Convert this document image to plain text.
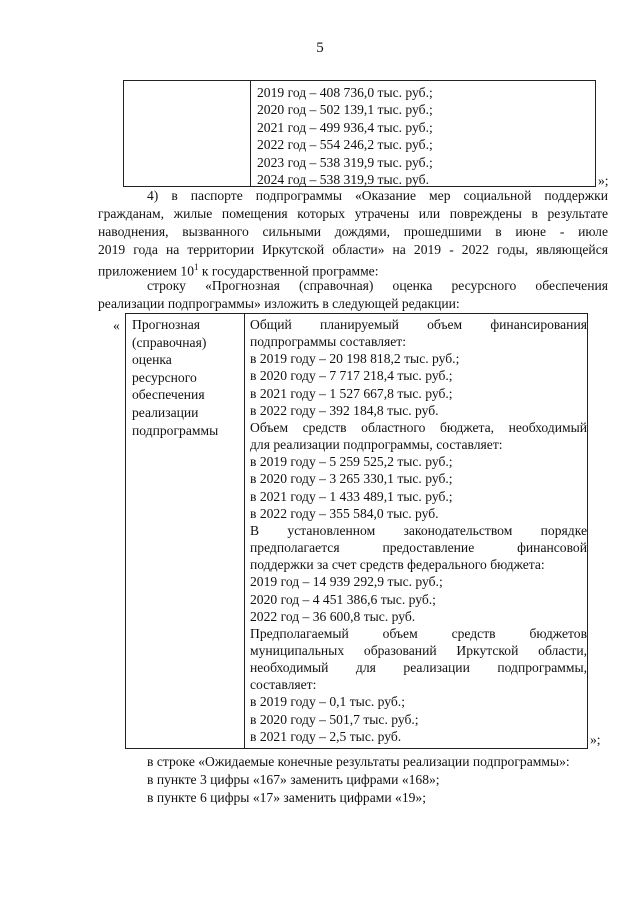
5
2019 год – 408 736,0 тыс. руб.;
2020 год – 502 139,1 тыс. руб.;
2021 год – 499 936,4 тыс. руб.;
2022 год – 554 246,2 тыс. руб.;
2023 год – 538 319,9 тыс. руб.;
2024 год – 538 319,9 тыс. руб.	»;
4) в паспорте подпрограммы «Оказание мер социальной поддержки
гражданам, жилые помещения которых утрачены или повреждены в результате
наводнения, вызванного сильными дождями, прошедшими в июне - июле
2019 года на территории Иркутской области» на 2019 - 2022 годы, являющейся
приложением $10^1$ к государственной программе:
строку «Прогнозная (справочная) оценка ресурсного обеспечения
реализации подпрограммы» изложить в следующей редакции:
« Прогнозная
(справочная)
оценка
ресурсного
обеспечения
реализации
подпрограммы
Общий планируемый объем финансирования
подпрограммы составляет:
в 2019 году – 20 198 818,2 тыс. руб.;
в 2020 году – 7 717 218,4 тыс. руб.;
в 2021 году – 1 527 667,8 тыс. руб.;
в 2022 году – 392 184,8 тыс. руб.
Объем средств областного бюджета, необходимый
для реализации подпрограммы, составляет:
в 2019 году – 5 259 525,2 тыс. руб.;
в 2020 году – 3 265 330,1 тыс. руб.;
в 2021 году – 1 433 489,1 тыс. руб.;
в 2022 году – 355 584,0 тыс. руб.
В установленном законодательством порядке
предполагается предоставление финансовой
поддержки за счет средств федерального бюджета:
2019 год – 14 939 292,9 тыс. руб.;
2020 год – 4 451 386,6 тыс. руб.;
2022 год – 36 600,8 тыс. руб.
Предполагаемый объем средств бюджетов
муниципальных образований Иркутской области,
необходимый для реализации подпрограммы,
составляет:
в 2019 году – 0,1 тыс. руб.;
в 2020 году – 501,7 тыс. руб.;
в 2021 году – 2,5 тыс. руб.	»;
в строке «Ожидаемые конечные результаты реализации подпрограммы»:
в пункте 3 цифры «167» заменить цифрами «168»;
в пункте 6 цифры «17» заменить цифрами «19»;
